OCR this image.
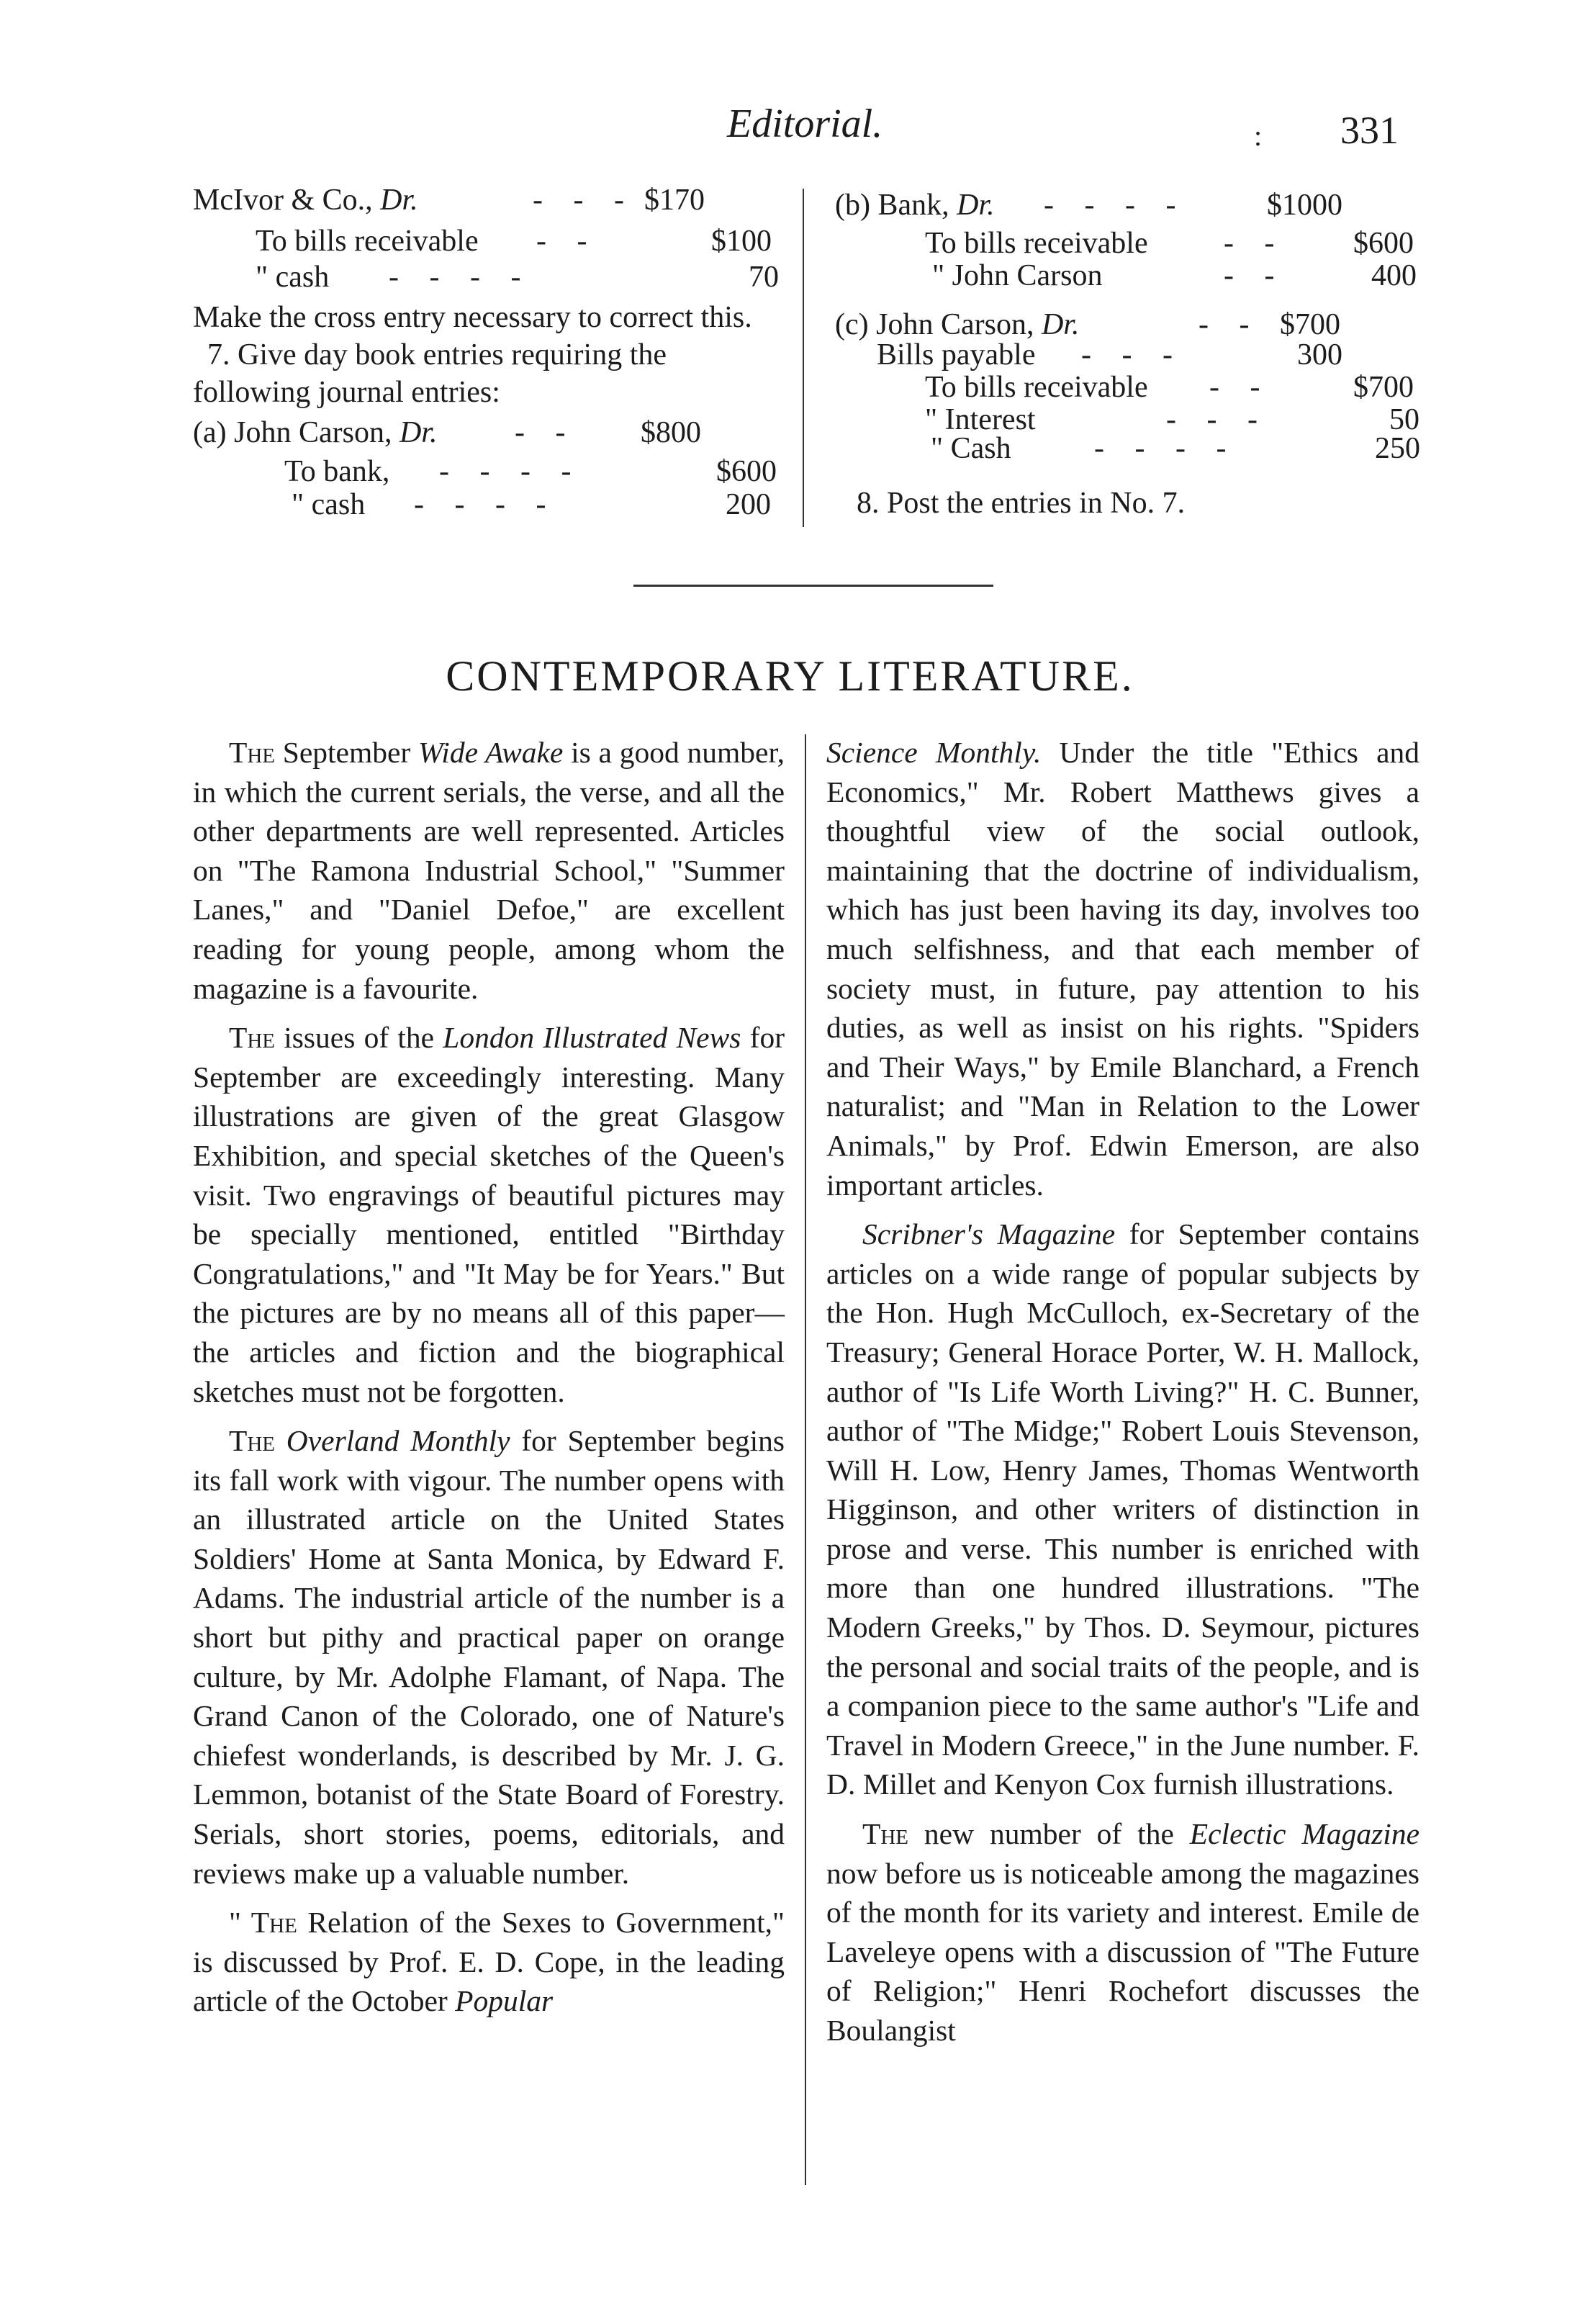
Editorial.	: 331
McIvor & Co., Dr.	- - - $170
To bills receivable - -	$100
" cash - - - -	70
Make the cross entry necessary to correct this.
7. Give day book entries requiring the
following journal entries:
(a) John Carson, Dr.	- - $800
To bank, - - - -	$600
" cash - - - -	200
(b) Bank, Dr. - - - -	$1000
To bills receivable	- - $600
" John Carson	- -	400
(c) John Carson, Dr.	- - $700
Bills payable - - -	300
To bills receivable - -	$700
" Interest	- - -	50
" Cash	- - - -	250
8. Post the entries in No. 7.
CONTEMPORARY LITERATURE.

The September Wide Awake is a good number, in which the current serials, the verse, and all the other departments are well represented. Articles on "The Ramona Industrial School," "Summer Lanes," and "Daniel Defoe," are excellent reading for young people, among whom the magazine is a favourite.

The issues of the London Illustrated News for September are exceedingly interesting. Many illustrations are given of the great Glasgow Exhibition, and special sketches of the Queen's visit. Two engravings of beautiful pictures may be specially mentioned, entitled "Birthday Congratulations," and "It May be for Years." But the pictures are by no means all of this paper—the articles and fiction and the biographical sketches must not be forgotten.

The Overland Monthly for September begins its fall work with vigour. The number opens with an illustrated article on the United States Soldiers' Home at Santa Monica, by Edward F. Adams. The industrial article of the number is a short but pithy and practical paper on orange culture, by Mr. Adolphe Flamant, of Napa. The Grand Canon of the Colorado, one of Nature's chiefest wonderlands, is described by Mr. J. G. Lemmon, botanist of the State Board of Forestry. Serials, short stories, poems, editorials, and reviews make up a valuable number.

" The Relation of the Sexes to Government," is discussed by Prof. E. D. Cope, in the leading article of the October Popular

Science Monthly. Under the title "Ethics and Economics," Mr. Robert Matthews gives a thoughtful view of the social outlook, maintaining that the doctrine of individualism, which has just been having its day, involves too much selfishness, and that each member of society must, in future, pay attention to his duties, as well as insist on his rights. "Spiders and Their Ways," by Emile Blanchard, a French naturalist; and "Man in Relation to the Lower Animals," by Prof. Edwin Emerson, are also important articles.

Scribner's Magazine for September contains articles on a wide range of popular subjects by the Hon. Hugh McCulloch, ex-Secretary of the Treasury; General Horace Porter, W. H. Mallock, author of "Is Life Worth Living?" H. C. Bunner, author of "The Midge;" Robert Louis Stevenson, Will H. Low, Henry James, Thomas Wentworth Higginson, and other writers of distinction in prose and verse. This number is enriched with more than one hundred illustrations. "The Modern Greeks," by Thos. D. Seymour, pictures the personal and social traits of the people, and is a companion piece to the same author's "Life and Travel in Modern Greece," in the June number. F. D. Millet and Kenyon Cox furnish illustrations.

The new number of the Eclectic Magazine now before us is noticeable among the magazines of the month for its variety and interest. Emile de Laveleye opens with a discussion of "The Future of Religion;" Henri Rochefort discusses the Boulangist
